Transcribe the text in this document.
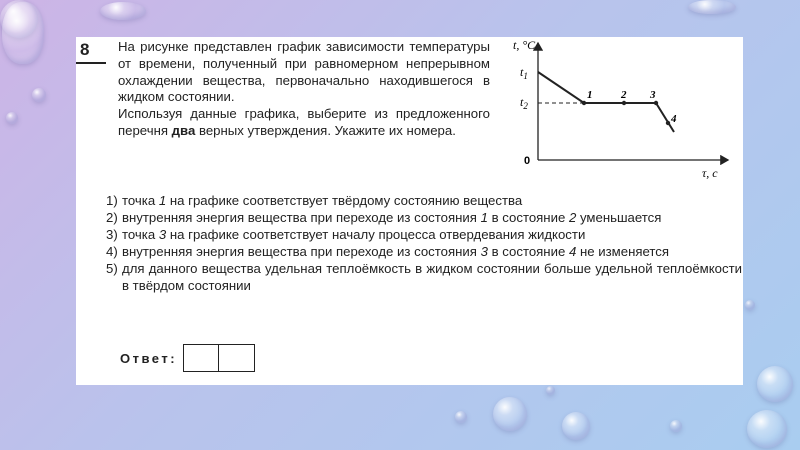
8 На рисунке представлен график зависимости температуры от времени, полученный при равномерном непрерывном охлаждении вещества, первоначально находившегося в жидком состоянии.

Используя данные графика, выберите из предложенного перечня два верных утверждения. Укажите их номера.

t, °C
τ, с
0
$t_1$
$t_2$
1	2 3
4
1) точка 1 на графике соответствует твёрдому состоянию вещества
2) внутренняя энергия вещества при переходе из состояния 1 в состояние 2 уменьшается
3) точка 3 на графике соответствует началу процесса отвердевания жидкости
4) внутренняя энергия вещества при переходе из состояния 3 в состояние 4 не изменяется
5) для данного вещества удельная теплоёмкость в жидком состоянии больше удельной теплоёмкости в твёрдом состоянии
Ответ:
